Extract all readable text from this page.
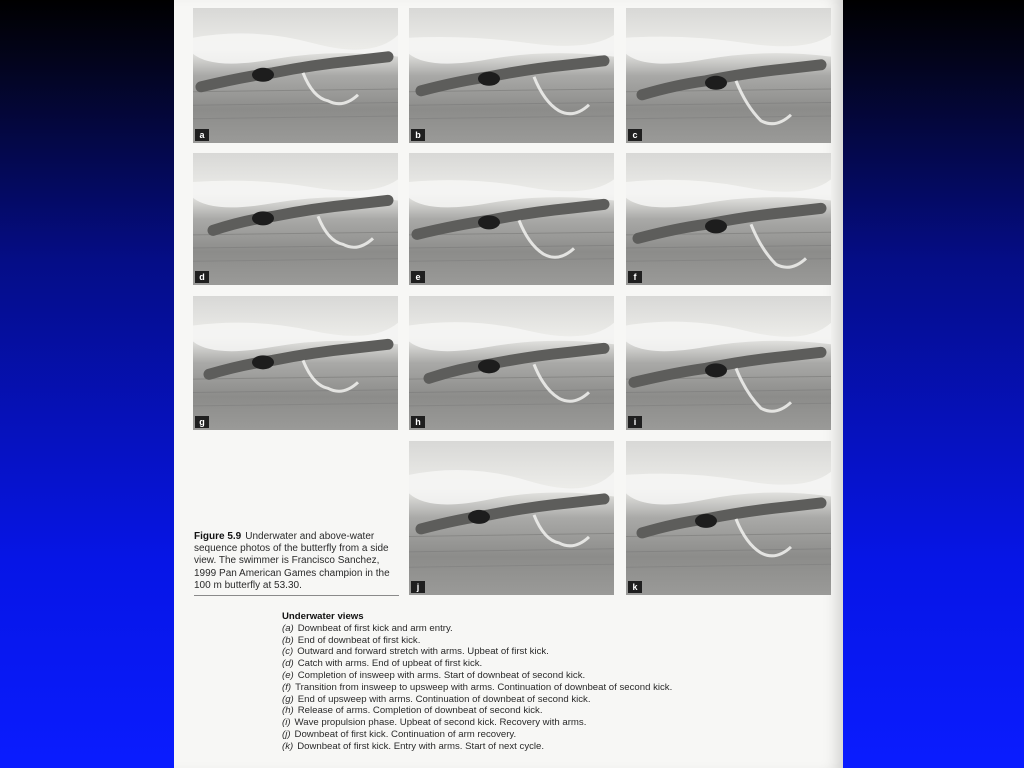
a	b	c
d	e	f
g	h	i
j	k
Figure 5.9 Underwater and above-water sequence photos of the butterfly from a side view. The swimmer is Francisco Sanchez, 1999 Pan American Games champion in the 100 m butterfly at 53.30.
Underwater views
(a) Downbeat of first kick and arm entry.
(b) End of downbeat of first kick.
(c) Outward and forward stretch with arms. Upbeat of first kick.
(d) Catch with arms. End of upbeat of first kick.
(e) Completion of insweep with arms. Start of downbeat of second kick.
(f) Transition from insweep to upsweep with arms. Continuation of downbeat of second kick.
(g) End of upsweep with arms. Continuation of downbeat of second kick.
(h) Release of arms. Completion of downbeat of second kick.
(i) Wave propulsion phase. Upbeat of second kick. Recovery with arms.
(j) Downbeat of first kick. Continuation of arm recovery.
(k) Downbeat of first kick. Entry with arms. Start of next cycle.
